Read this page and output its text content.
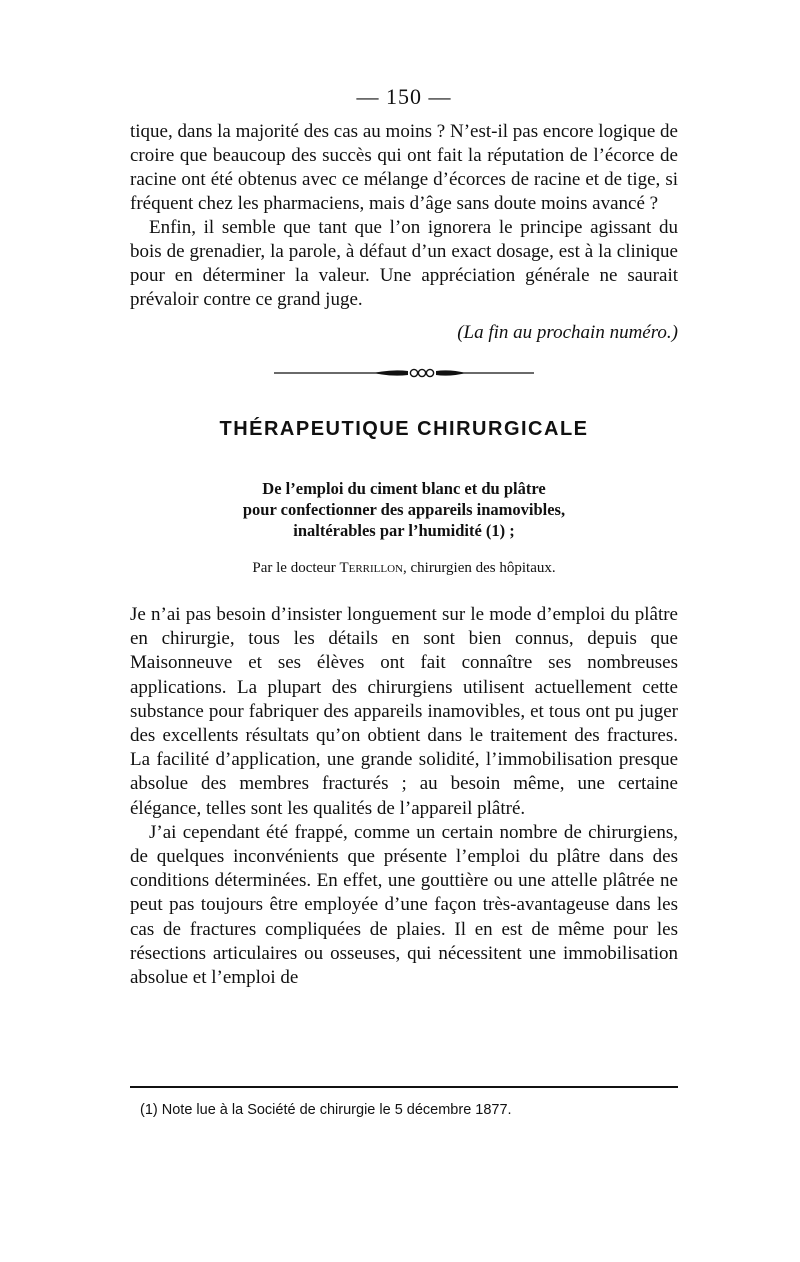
— 150 —

tique, dans la majorité des cas au moins ? N’est-il pas encore logique de croire que beaucoup des succès qui ont fait la réputation de l’écorce de racine ont été obtenus avec ce mélange d’écorces de racine et de tige, si fréquent chez les pharmaciens, mais d’âge sans doute moins avancé ?

Enfin, il semble que tant que l’on ignorera le principe agissant du bois de grenadier, la parole, à défaut d’un exact dosage, est à la clinique pour en déterminer la valeur. Une appréciation générale ne saurait prévaloir contre ce grand juge.

(La fin au prochain numéro.)
THÉRAPEUTIQUE CHIRURGICALE
De l’emploi du ciment blanc et du plâtre
pour confectionner des appareils inamovibles,
inaltérables par l’humidité (1) ;
Par le docteur Terrillon, chirurgien des hôpitaux.

Je n’ai pas besoin d’insister longuement sur le mode d’emploi du plâtre en chirurgie, tous les détails en sont bien connus, depuis que Maisonneuve et ses élèves ont fait connaître ses nombreuses applications. La plupart des chirurgiens utilisent actuellement cette substance pour fabriquer des appareils inamovibles, et tous ont pu juger des excellents résultats qu’on obtient dans le traitement des fractures. La facilité d’application, une grande solidité, l’immobilisation presque absolue des membres fracturés ; au besoin même, une certaine élégance, telles sont les qualités de l’appareil plâtré.

J’ai cependant été frappé, comme un certain nombre de chirurgiens, de quelques inconvénients que présente l’emploi du plâtre dans des conditions déterminées. En effet, une gouttière ou une attelle plâtrée ne peut pas toujours être employée d’une façon très-avantageuse dans les cas de fractures compliquées de plaies. Il en est de même pour les résections articulaires ou osseuses, qui nécessitent une immobilisation absolue et l’emploi de

(1) Note lue à la Société de chirurgie le 5 décembre 1877.
